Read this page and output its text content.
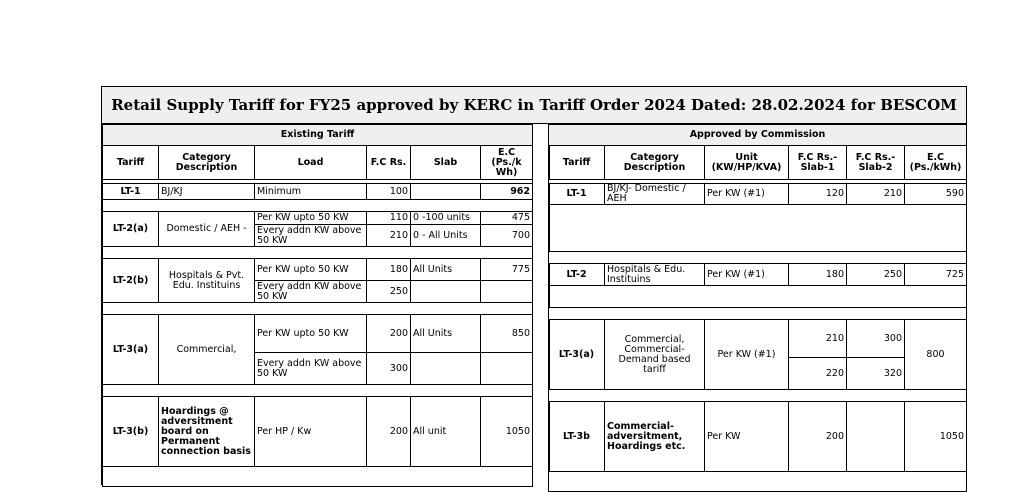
Retail Supply Tariff for FY25 approved by KERC in Tariff Order 2024 Dated: 28.02.2024 for BESCOM
Existing Tariff					
Tariff	Category Description	Load	F.C Rs.	Slab	E.C (Ps./k Wh)

LT-1	BJ/KJ	Minimum	100		962

LT-2(a)	Domestic / AEH -	Per KW upto 50 KW	110	0 -100 units	475
		Every addn KW above 50 KW	210	0 - All Units	700

LT-2(b)	Hospitals & Pvt. Edu. Instituins	Per KW upto 50 KW	180	All Units	775
		Every addn KW above 50 KW	250		

LT-3(a)	Commercial,	Per KW upto 50 KW	200	All Units	850
		Every addn KW above 50 KW	300		

LT-3(b)	Hoardings @ adversitment board on Permanent connection basis	Per HP / Kw	200	All unit	1050

Approved by Commission					
Tariff	Category Description	Unit (KW/HP/KVA)	F.C Rs.- Slab-1	F.C Rs.- Slab-2	E.C (Ps./kWh)

LT-1	BJ/KJ- Domestic / AEH	Per KW (#1)	120	210	590

LT-2	Hospitals & Edu. Instituins	Per KW (#1)	180	250	725

LT-3(a)	Commercial, Commercial- Demand based tariff	Per KW (#1)	210	300	800
			220	320	

LT-3b	Commercial- adversitment, Hoardings etc.	Per KW	200		1050
